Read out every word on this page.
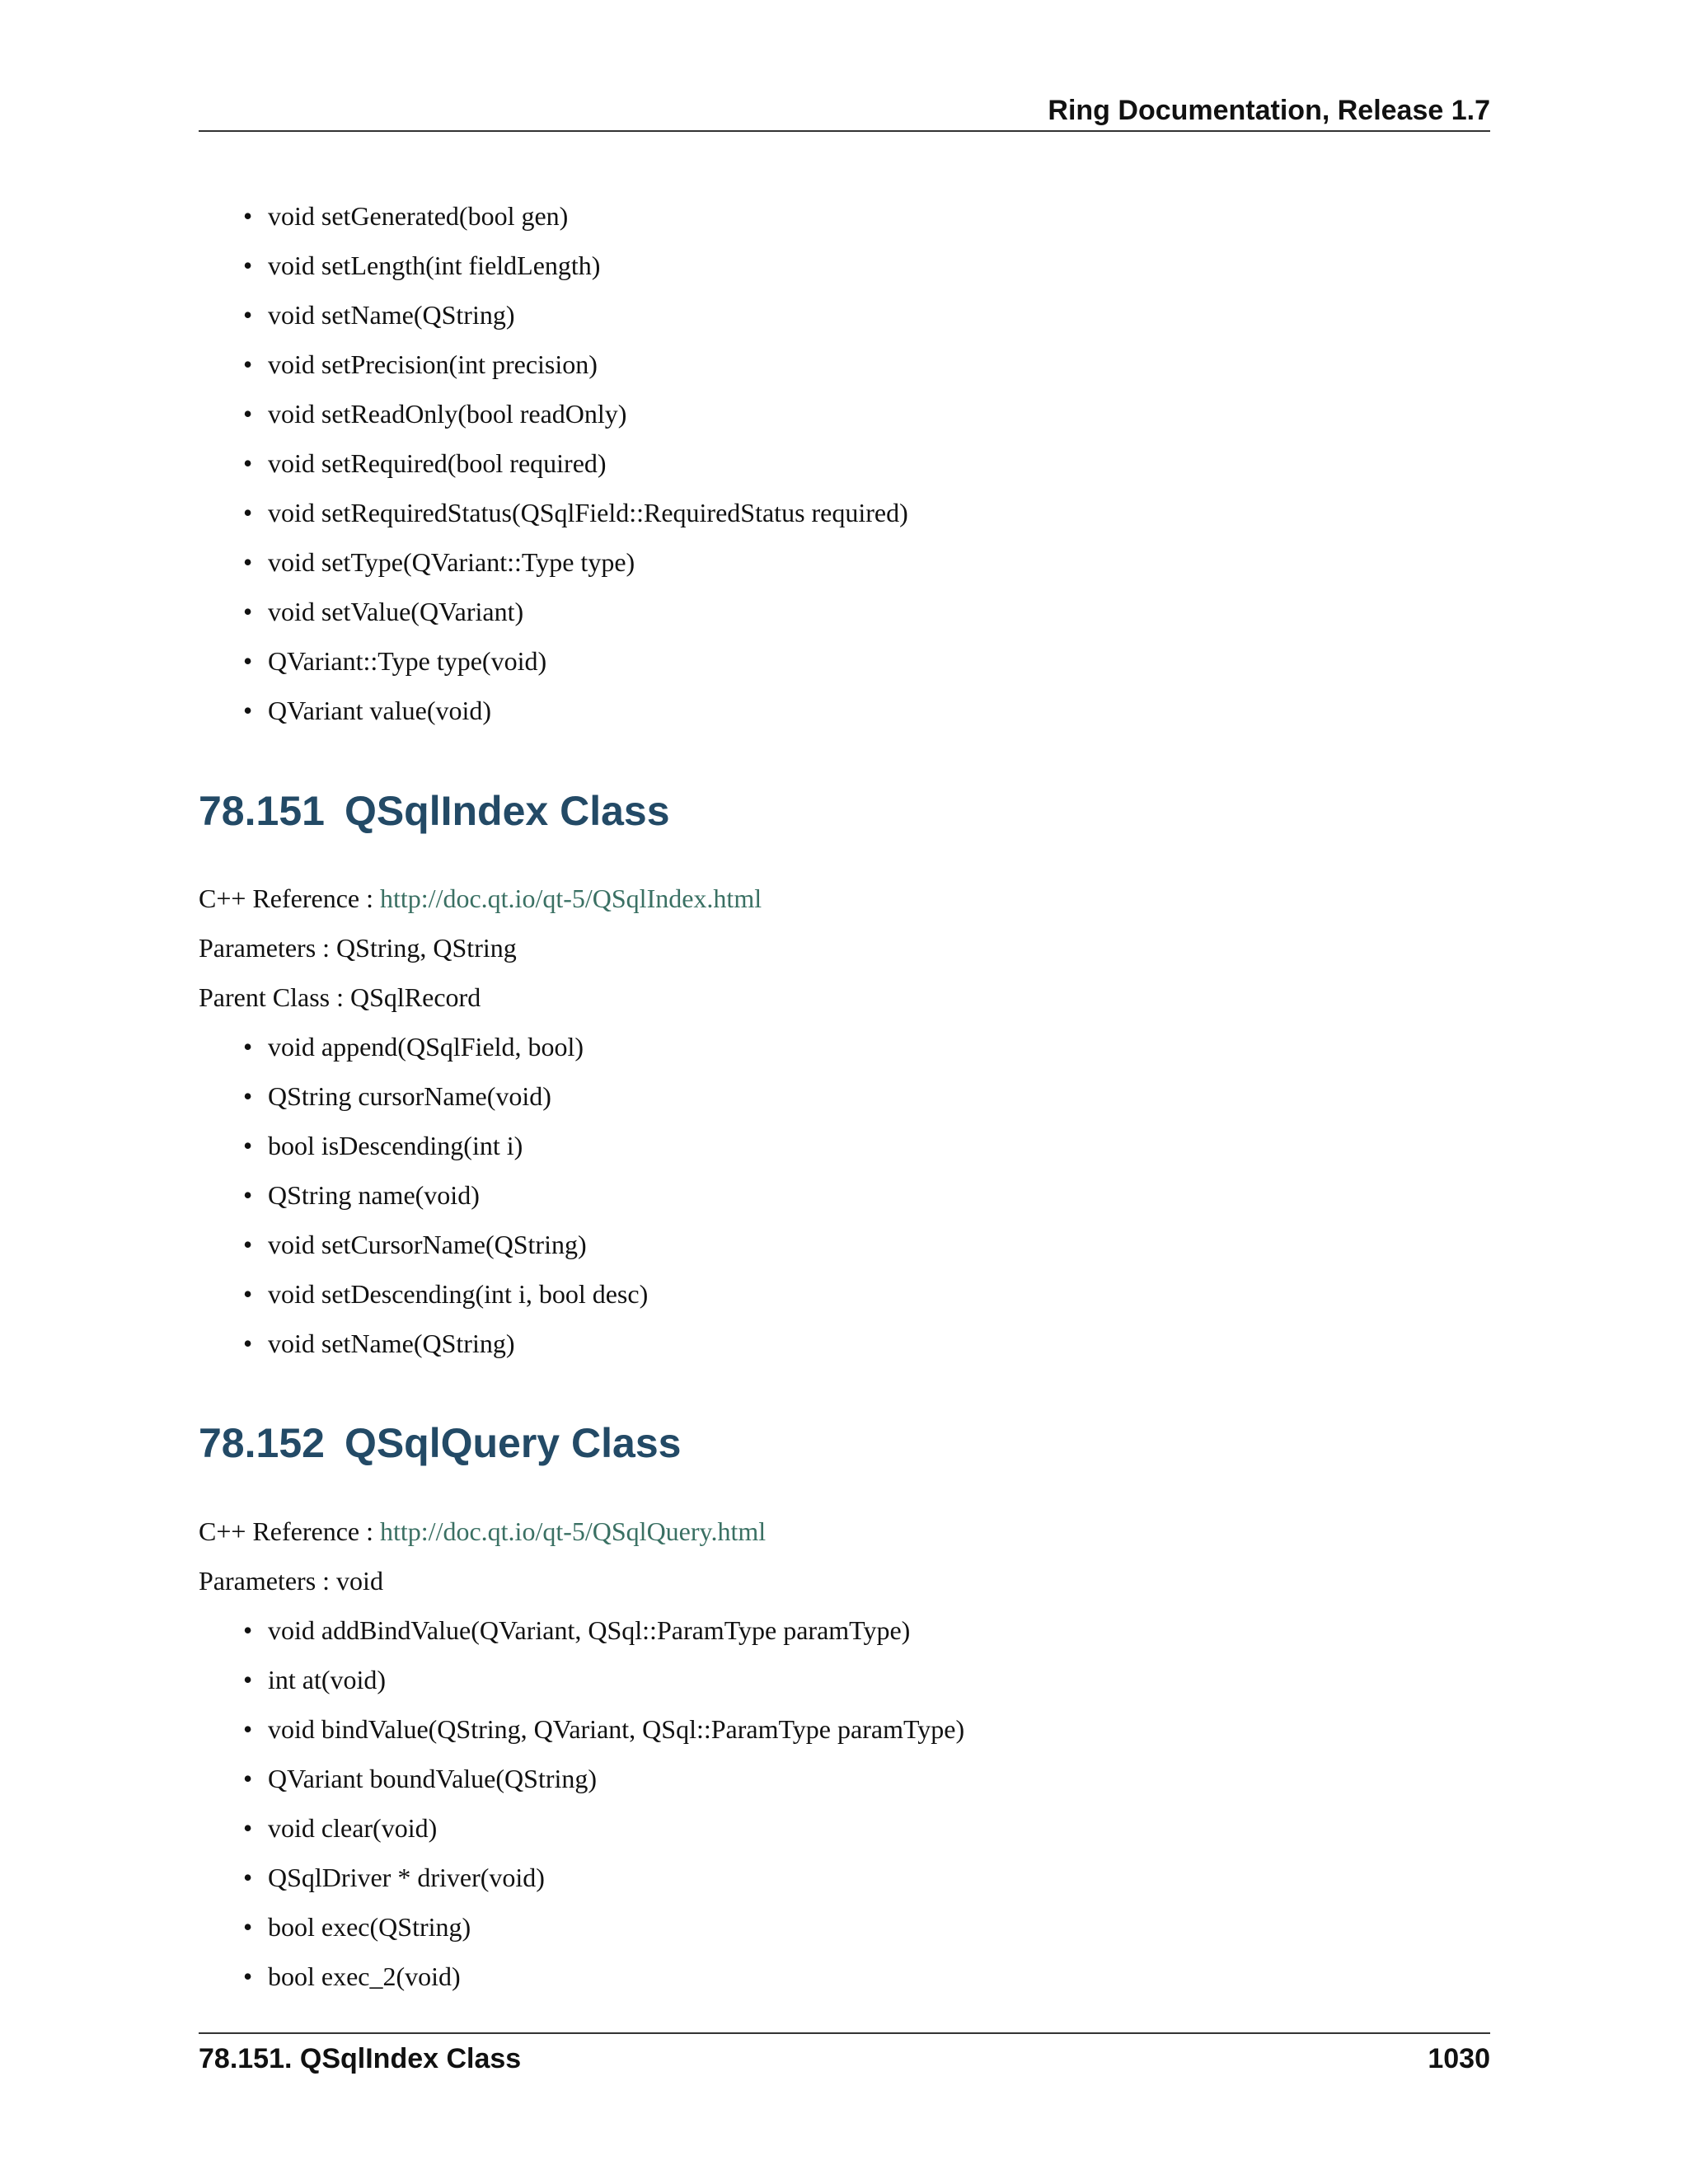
Ring Documentation, Release 1.7
• void setGenerated(bool gen)
• void setLength(int fieldLength)
• void setName(QString)
• void setPrecision(int precision)
• void setReadOnly(bool readOnly)
• void setRequired(bool required)
• void setRequiredStatus(QSqlField::RequiredStatus required)
• void setType(QVariant::Type type)
• void setValue(QVariant)
• QVariant::Type type(void)
• QVariant value(void)
78.151 QSqlIndex Class
C++ Reference : http://doc.qt.io/qt-5/QSqlIndex.html
Parameters : QString, QString
Parent Class : QSqlRecord
• void append(QSqlField, bool)
• QString cursorName(void)
• bool isDescending(int i)
• QString name(void)
• void setCursorName(QString)
• void setDescending(int i, bool desc)
• void setName(QString)
78.152 QSqlQuery Class
C++ Reference : http://doc.qt.io/qt-5/QSqlQuery.html
Parameters : void
• void addBindValue(QVariant, QSql::ParamType paramType)
• int at(void)
• void bindValue(QString, QVariant, QSql::ParamType paramType)
• QVariant boundValue(QString)
• void clear(void)
• QSqlDriver * driver(void)
• bool exec(QString)
• bool exec_2(void)
78.151. QSqlIndex Class	1030
